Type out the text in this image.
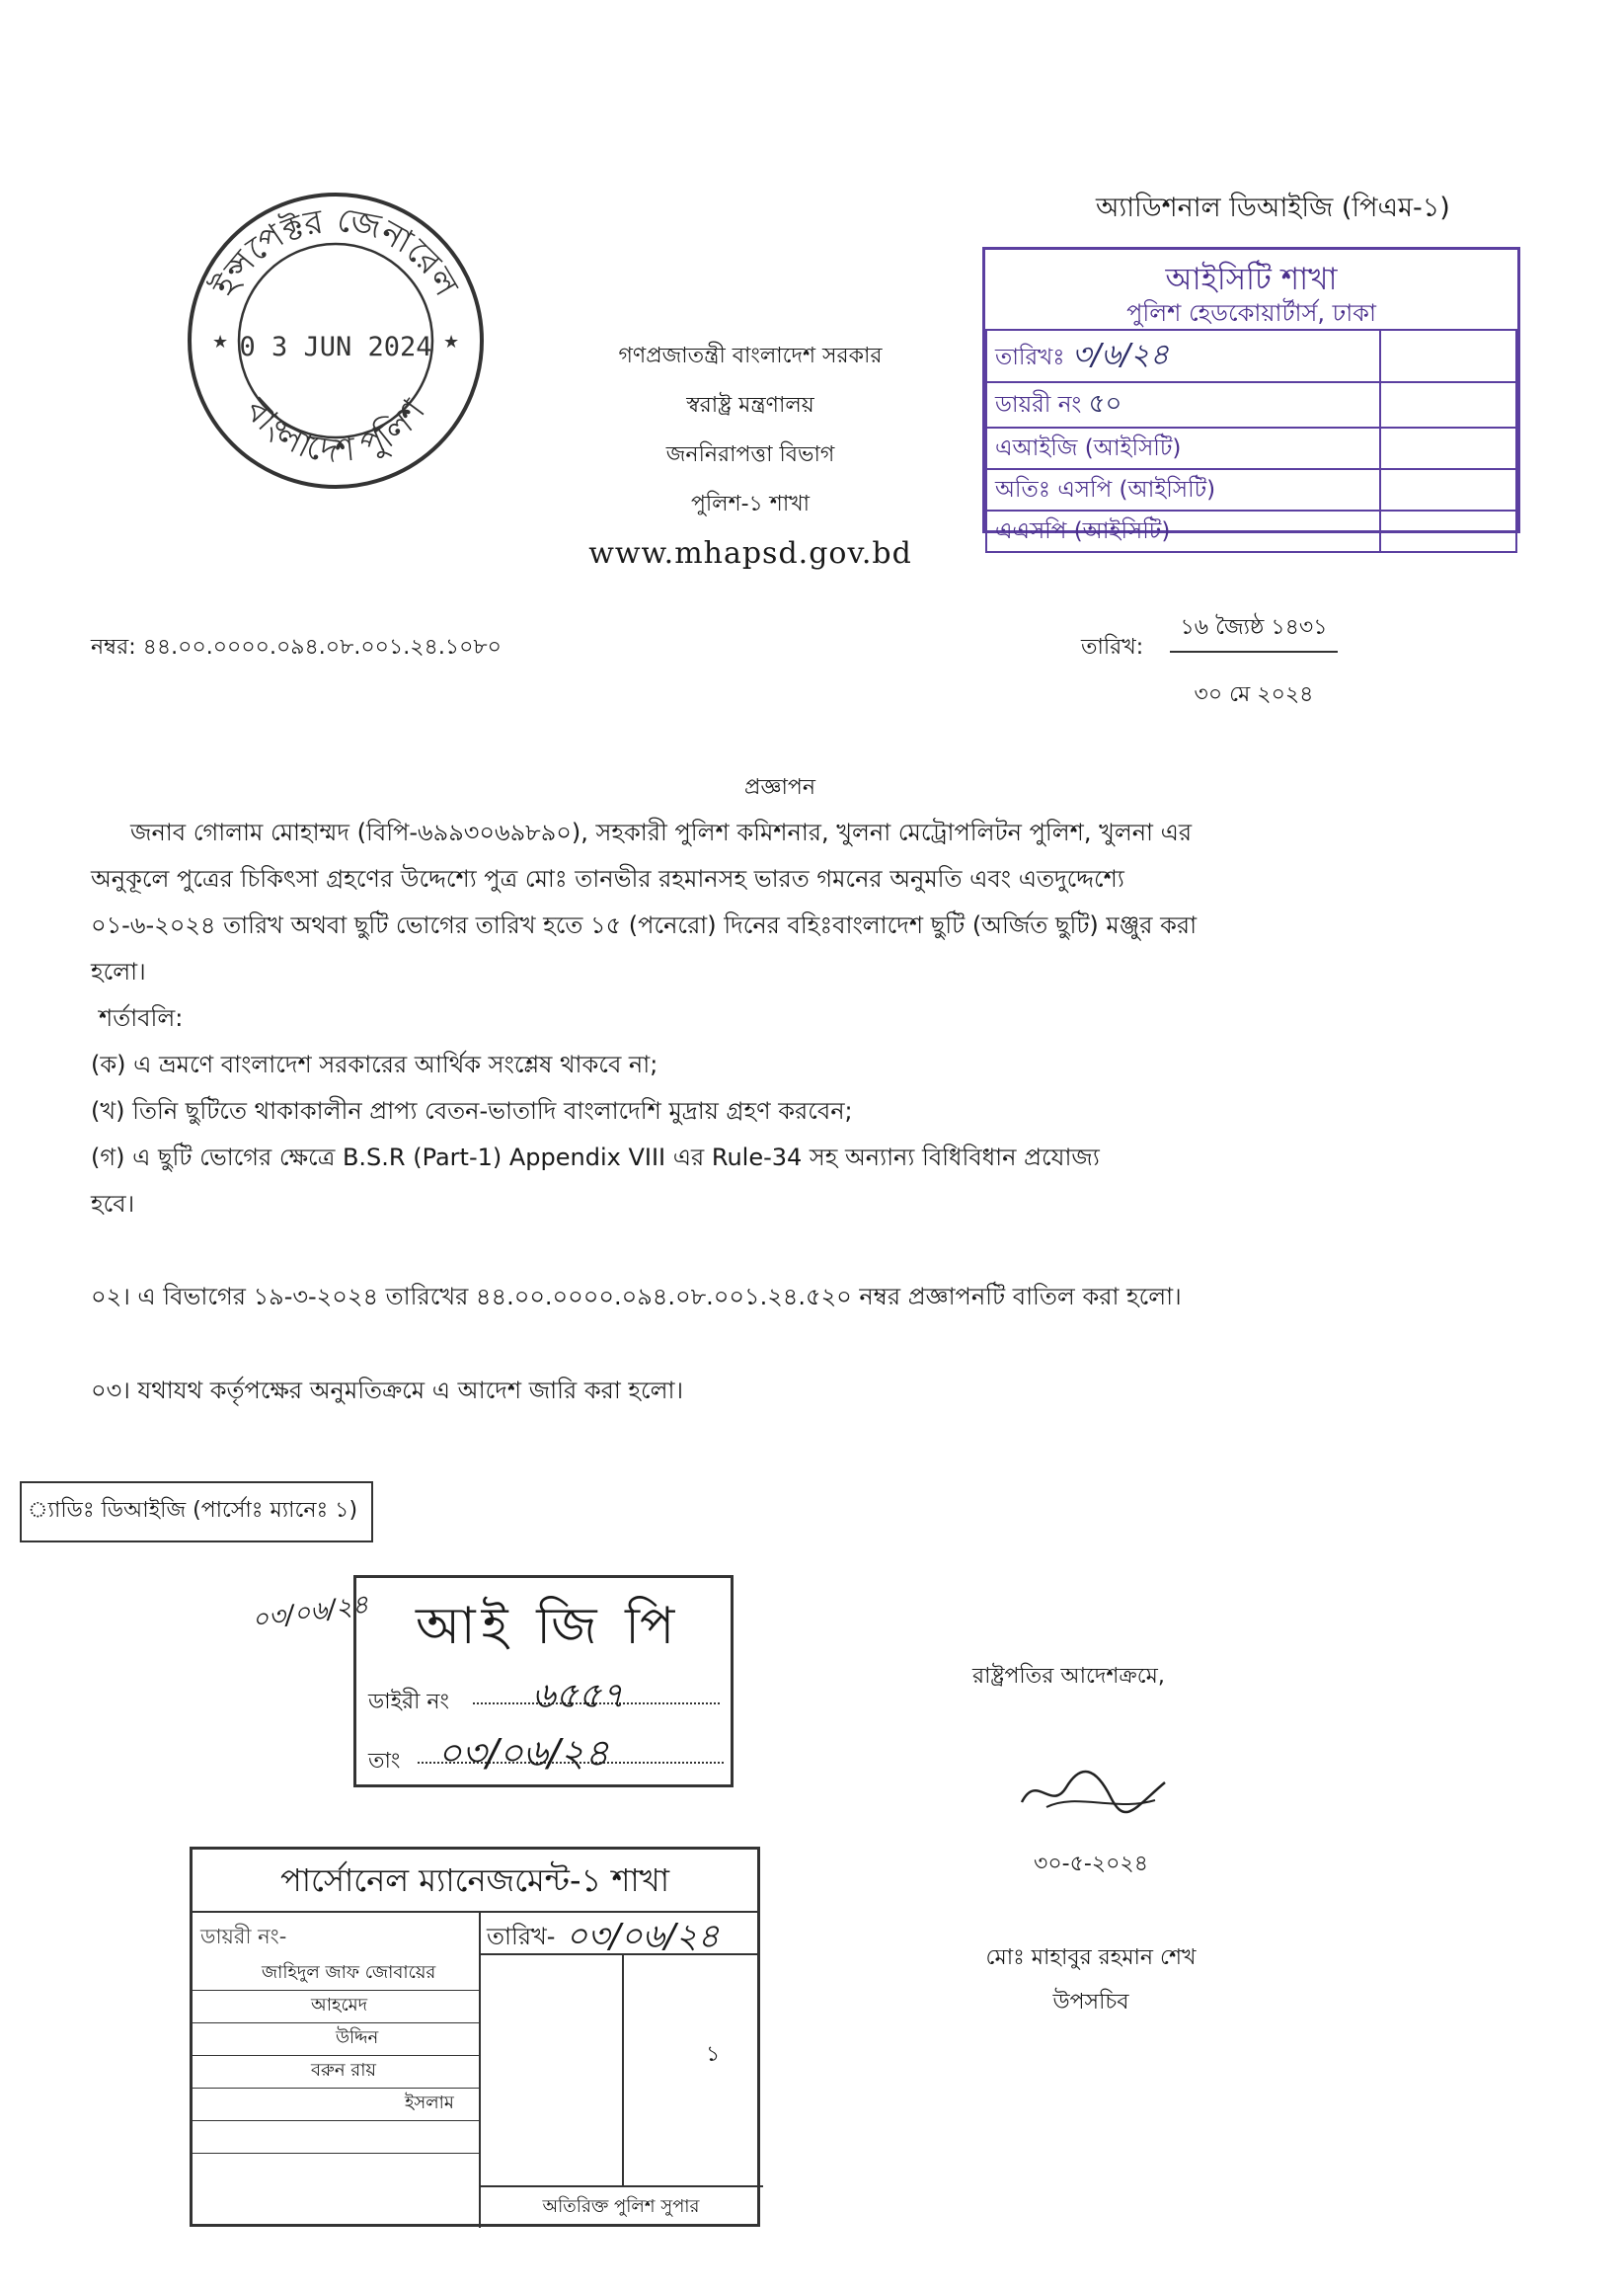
ইন্সপেক্টর জেনারেল
বাংলাদেশ পুলিশ
0 3 JUN 2024
★	★
অ্যাডিশনাল ডিআইজি (পিএম-১)
আইসিটি শাখা
পুলিশ হেডকোয়ার্টার্স, ঢাকা
তারিখঃ ৩/৬/২৪	
ডায়রী নং ৫০	
এআইজি (আইসিটি)	
অতিঃ এসপি (আইসিটি)	
এএসপি (আইসিটি)	
গণপ্রজাতন্ত্রী বাংলাদেশ সরকার
স্বরাষ্ট্র মন্ত্রণালয়
জননিরাপত্তা বিভাগ
পুলিশ-১ শাখা
www.mhapsd.gov.bd
নম্বর: ৪৪.০০.০০০০.০৯৪.০৮.০০১.২৪.১০৮০	তারিখ:
১৬ জ্যৈষ্ঠ ১৪৩১
৩০ মে ২০২৪
প্রজ্ঞাপন
জনাব গোলাম মোহাম্মদ (বিপি-৬৯৯৩০৬৯৮৯০), সহকারী পুলিশ কমিশনার, খুলনা মেট্রোপলিটন পুলিশ, খুলনা এর
অনুকূলে পুত্রের চিকিৎসা গ্রহণের উদ্দেশ্যে পুত্র মোঃ তানভীর রহমানসহ ভারত গমনের অনুমতি এবং এতদুদ্দেশ্যে
০১-৬-২০২৪ তারিখ অথবা ছুটি ভোগের তারিখ হতে ১৫ (পনেরো) দিনের বহিঃবাংলাদেশ ছুটি (অর্জিত ছুটি) মঞ্জুর করা
হলো।
শর্তাবলি:
(ক) এ ভ্রমণে বাংলাদেশ সরকারের আর্থিক সংশ্লেষ থাকবে না;
(খ) তিনি ছুটিতে থাকাকালীন প্রাপ্য বেতন-ভাতাদি বাংলাদেশি মুদ্রায় গ্রহণ করবেন;
(গ) এ ছুটি ভোগের ক্ষেত্রে B.S.R (Part-1) Appendix VIII এর Rule-34 সহ অন্যান্য বিধিবিধান প্রযোজ্য
হবে।
০২। এ বিভাগের ১৯-৩-২০২৪ তারিখের ৪৪.০০.০০০০.০৯৪.০৮.০০১.২৪.৫২০ নম্বর প্রজ্ঞাপনটি বাতিল করা হলো।
০৩। যথাযথ কর্তৃপক্ষের অনুমতিক্রমে এ আদেশ জারি করা হলো।
রাষ্ট্রপতির আদেশক্রমে,
৩০-৫-২০২৪
মোঃ মাহাবুর রহমান শেখ
উপসচিব
্যাডিঃ ডিআইজি (পার্সোঃ ম্যানেঃ ১)
০৩/০৬/২৪ আই জি পি
ডাইরী নং	৬৫৫৭
তাং ০৩/০৬/২৪
পার্সোনেল ম্যানেজমেন্ট-১ শাখা
ডায়রী নং-	তারিখ- ০৩/০৬/২৪
জাহিদুল জাফ জোবায়ের
আহমেদ
উদ্দিন
বরুন রায়
ইসলাম
১
অতিরিক্ত পুলিশ সুপার
